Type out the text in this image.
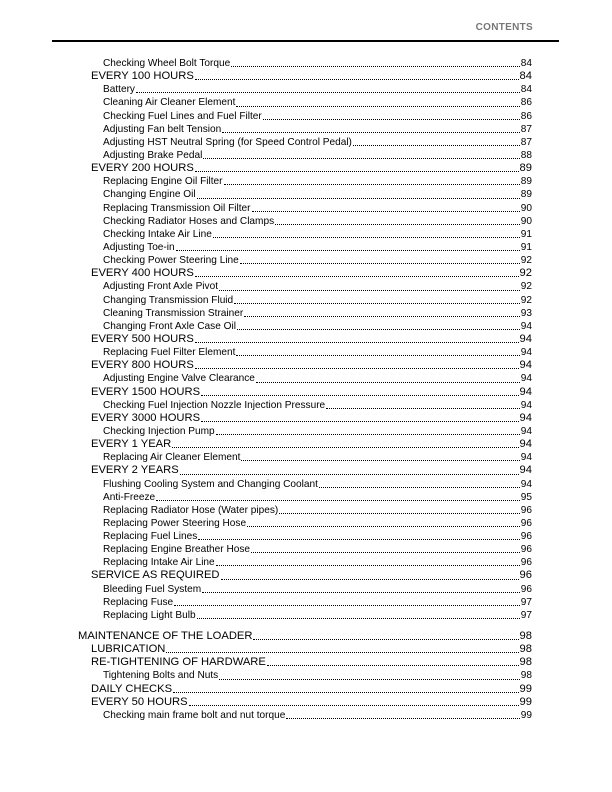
CONTENTS
Checking Wheel Bolt Torque	84
EVERY 100 HOURS	84
Battery	84
Cleaning Air Cleaner Element	86
Checking Fuel Lines and Fuel Filter	86
Adjusting Fan belt Tension	87
Adjusting HST Neutral Spring (for Speed Control Pedal)	87
Adjusting Brake Pedal	88
EVERY 200 HOURS	89
Replacing Engine Oil Filter	89
Changing Engine Oil	89
Replacing Transmission Oil Filter	90
Checking Radiator Hoses and Clamps	90
Checking Intake Air Line	91
Adjusting Toe-in	91
Checking Power Steering Line	92
EVERY 400 HOURS	92
Adjusting Front Axle Pivot	92
Changing Transmission Fluid	92
Cleaning Transmission Strainer	93
Changing Front Axle Case Oil	94
EVERY 500 HOURS	94
Replacing Fuel Filter Element	94
EVERY 800 HOURS	94
Adjusting Engine Valve Clearance	94
EVERY 1500 HOURS	94
Checking Fuel Injection Nozzle Injection Pressure	94
EVERY 3000 HOURS	94
Checking Injection Pump	94
EVERY 1 YEAR	94
Replacing Air Cleaner Element	94
EVERY 2 YEARS	94
Flushing Cooling System and Changing Coolant	94
Anti-Freeze	95
Replacing Radiator Hose (Water pipes)	96
Replacing Power Steering Hose	96
Replacing Fuel Lines	96
Replacing Engine Breather Hose	96
Replacing Intake Air Line	96
SERVICE AS REQUIRED	96
Bleeding Fuel System	96
Replacing Fuse	97
Replacing Light Bulb	97
MAINTENANCE OF THE LOADER	98
LUBRICATION	98
RE-TIGHTENING OF HARDWARE	98
Tightening Bolts and Nuts	98
DAILY CHECKS	99
EVERY 50 HOURS	99
Checking main frame bolt and nut torque	99
